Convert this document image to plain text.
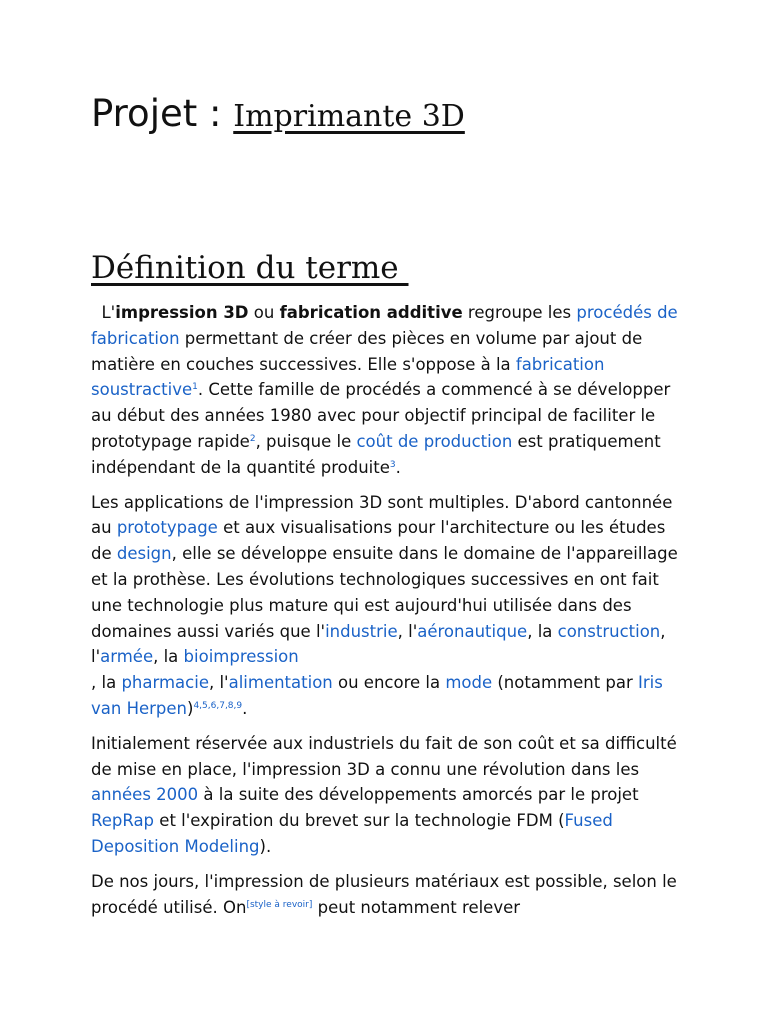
Projet : Imprimante 3D
Définition du terme

L'impression 3D ou fabrication additive regroupe les procédés de fabrication permettant de créer des pièces en volume par ajout de matière en couches successives. Elle s'oppose à la fabrication soustractive$^1$. Cette famille de procédés a commencé à se développer au début des années 1980 avec pour objectif principal de faciliter le prototypage rapide$^2$, puisque le coût de production est pratiquement indépendant de la quantité produite$^3$.

Les applications de l'impression 3D sont multiples. D'abord cantonnée au prototypage et aux visualisations pour l'architecture ou les études de design, elle se développe ensuite dans le domaine de l'appareillage et la prothèse. Les évolutions technologiques successives en ont fait une technologie plus mature qui est aujourd'hui utilisée dans des domaines aussi variés que l'industrie, l'aéronautique, la construction, l'armée, la bioimpression
, la pharmacie, l'alimentation ou encore la mode (notamment par Iris van Herpen)$^{4,5,6,7,8,9}$.

Initialement réservée aux industriels du fait de son coût et sa difficulté de mise en place, l'impression 3D a connu une révolution dans les années 2000 à la suite des développements amorcés par le projet RepRap et l'expiration du brevet sur la technologie FDM (Fused Deposition Modeling).

De nos jours, l'impression de plusieurs matériaux est possible, selon le procédé utilisé. On[style à revoir] peut notamment relever
